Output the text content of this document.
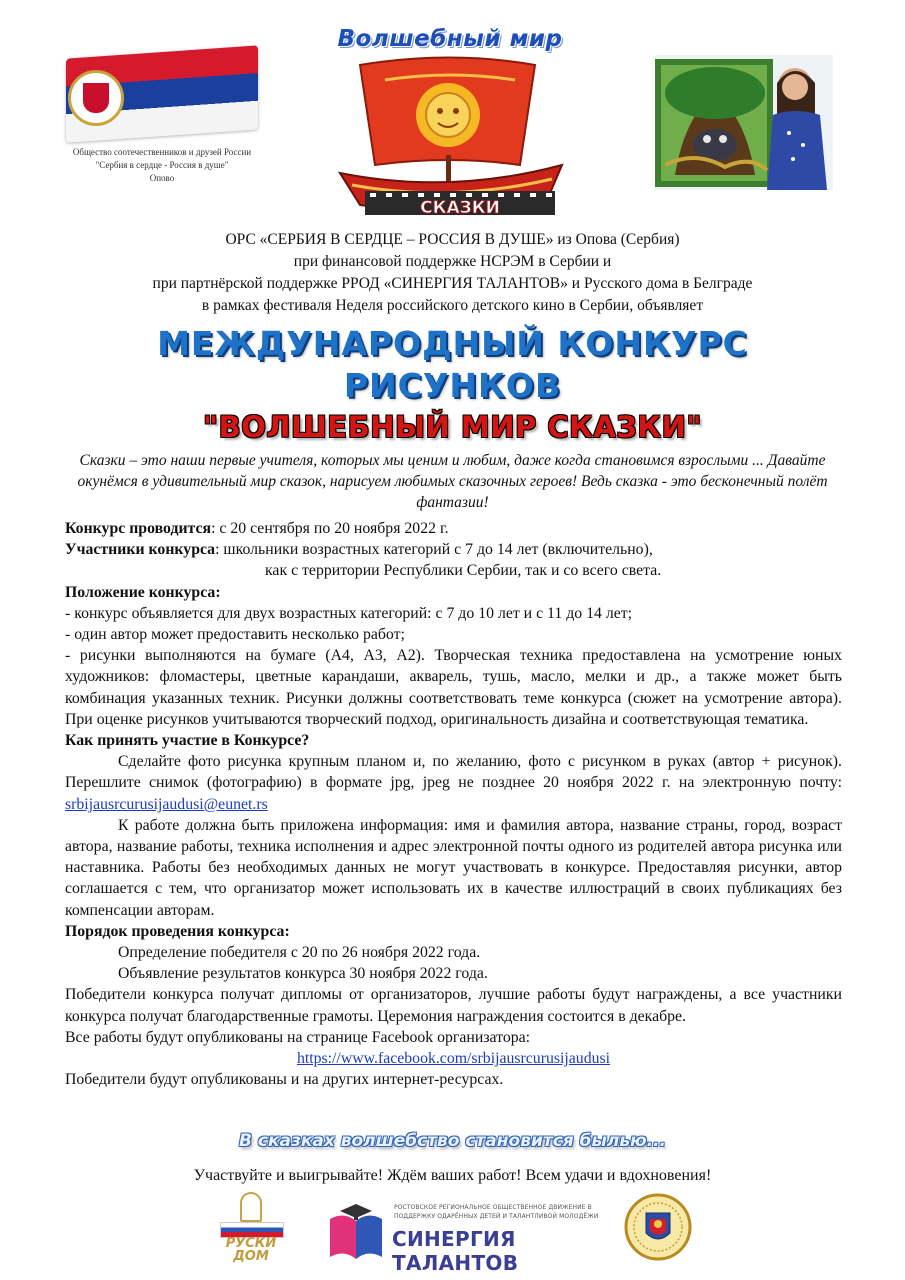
Общество соотечественников и друзей России
"Сербия в сердце - Россия в душе"
Опово
Волшебный мир
СКАЗКИ
ОРС «СЕРБИЯ В СЕРДЦЕ – РОССИЯ В ДУШЕ» из Опова (Сербия)
при финансовой поддержке НСРЭМ в Сербии и
при партнёрской поддержке РРОД «СИНЕРГИЯ ТАЛАНТОВ» и Русского дома в Белграде
в рамках фестиваля Неделя российского детского кино в Сербии, объявляет
МЕЖДУНАРОДНЫЙ КОНКУРС
РИСУНКОВ
"ВОЛШЕБНЫЙ МИР СКАЗКИ"
Сказки – это наши первые учителя, которых мы ценим и любим, даже когда становимся взрослыми ... Давайте окунёмся в удивительный мир сказок, нарисуем любимых сказочных героев! Ведь сказка - это бесконечный полёт фантазии!

Конкурс проводится: с 20 сентября по 20 ноября 2022 г.

Участники конкурса: школьники возрастных категорий с 7 до 14 лет (включительно),

как с территории Республики Сербии, так и со всего света.

Положение конкурса:

- конкурс объявляется для двух возрастных категорий: с 7 до 10 лет и с 11 до 14 лет;

- один автор может предоставить несколько работ;

- рисунки выполняются на бумаге (А4, А3, А2). Творческая техника предоставлена на усмотрение юных художников: фломастеры, цветные карандаши, акварель, тушь, масло, мелки и др., а также может быть комбинация указанных техник. Рисунки должны соответствовать теме конкурса (сюжет на усмотрение автора). При оценке рисунков учитываются творческий подход, оригинальность дизайна и соответствующая тематика.

Как принять участие в Конкурсе?

Сделайте фото рисунка крупным планом и, по желанию, фото с рисунком в руках (автор + рисунок). Перешлите снимок (фотографию) в формате jpg, jpeg не позднее 20 ноября 2022 г. на электронную почту: srbijausrcurusijaudusi@eunet.rs

К работе должна быть приложена информация: имя и фамилия автора, название страны, город, возраст автора, название работы, техника исполнения и адрес электронной почты одного из родителей автора рисунка или наставника. Работы без необходимых данных не могут участвовать в конкурсе. Предоставляя рисунки, автор соглашается с тем, что организатор может использовать их в качестве иллюстраций в своих публикациях без компенсации авторам.

Порядок проведения конкурса:

Определение победителя с 20 по 26 ноября 2022 года.

Объявление результатов конкурса 30 ноября 2022 года.

Победители конкурса получат дипломы от организаторов, лучшие работы будут награждены, а все участники конкурса получат благодарственные грамоты. Церемония награждения состоится в декабре.

Все работы будут опубликованы на странице Facebook организатора:

https://www.facebook.com/srbijausrcurusijaudusi

Победители будут опубликованы и на других интернет-ресурсах.

В сказках волшебство становится былью...
Участвуйте и выигрывайте! Ждём ваших работ! Всем удачи и вдохновения!
РУСКИ ДОМ
РОСТОВСКОЕ РЕГИОНАЛЬНОЕ ОБЩЕСТВЕННОЕ ДВИЖЕНИЕ В ПОДДЕРЖКУ ОДАРЁННЫХ ДЕТЕЙ И ТАЛАНТЛИВОЙ МОЛОДЁЖИ
СИНЕРГИЯ ТАЛАНТОВ
